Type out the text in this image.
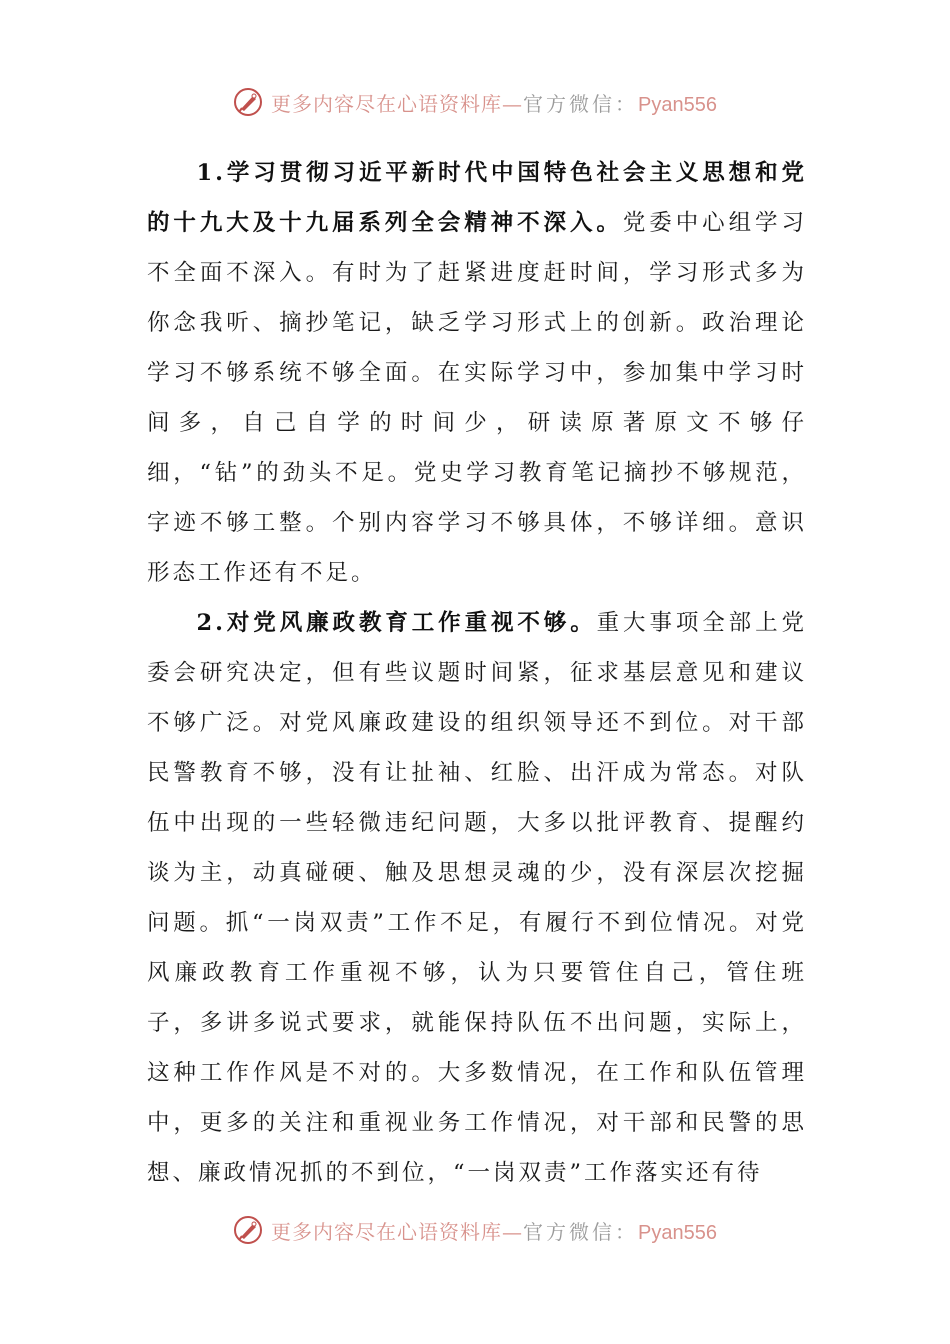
更多内容尽在心语资料库—官方微信：Pyan556

1.学习贯彻习近平新时代中国特色社会主义思想和党的十九大及十九届系列全会精神不深入。党委中心组学习不全面不深入。有时为了赶紧进度赶时间，学习形式多为你念我听、摘抄笔记，缺乏学习形式上的创新。政治理论学习不够系统不够全面。在实际学习中，参加集中学习时间多，自己自学的时间少，研读原著原文不够仔细，“钻”的劲头不足。党史学习教育笔记摘抄不够规范，字迹不够工整。个别内容学习不够具体，不够详细。意识形态工作还有不足。

2.对党风廉政教育工作重视不够。重大事项全部上党委会研究决定，但有些议题时间紧，征求基层意见和建议不够广泛。对党风廉政建设的组织领导还不到位。对干部民警教育不够，没有让扯袖、红脸、出汗成为常态。对队伍中出现的一些轻微违纪问题，大多以批评教育、提醒约谈为主，动真碰硬、触及思想灵魂的少，没有深层次挖掘问题。抓“一岗双责”工作不足，有履行不到位情况。对党风廉政教育工作重视不够，认为只要管住自己，管住班子，多讲多说式要求，就能保持队伍不出问题，实际上，这种工作作风是不对的。大多数情况，在工作和队伍管理中，更多的关注和重视业务工作情况，对干部和民警的思想、廉政情况抓的不到位，“一岗双责”工作落实还有待

更多内容尽在心语资料库—官方微信：Pyan556
